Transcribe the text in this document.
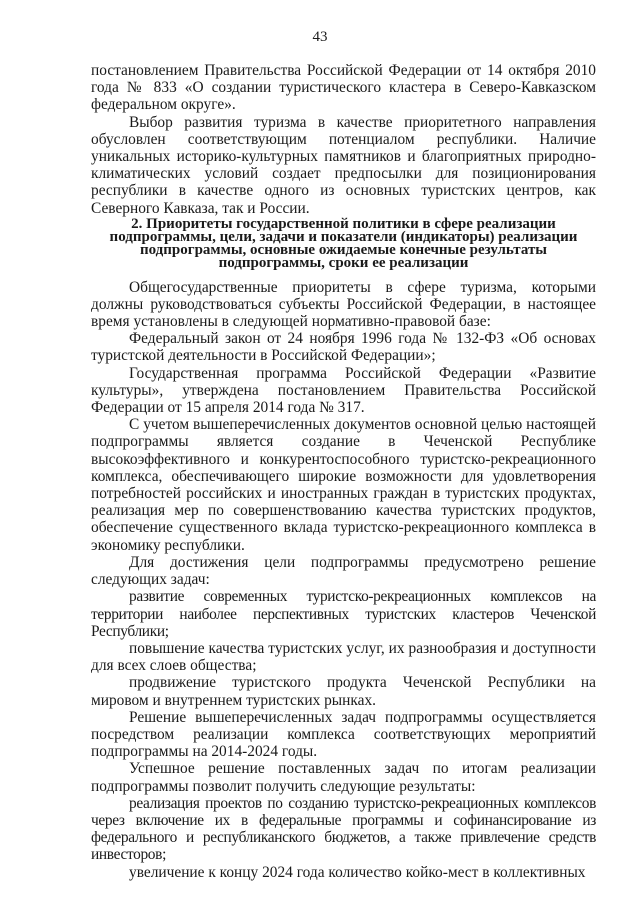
43

постановлением Правительства Российской Федерации от 14 октября 2010 года № 833 «О создании туристического кластера в Северо-Кавказском федеральном округе».

Выбор развития туризма в качестве приоритетного направления обусловлен соответствующим потенциалом республики. Наличие уникальных историко-культурных памятников и благоприятных природно-климатических условий создает предпосылки для позиционирования республики в качестве одного из основных туристских центров, как Северного Кавказа, так и России.

2. Приоритеты государственной политики в сфере реализации
подпрограммы, цели, задачи и показатели (индикаторы) реализации
подпрограммы, основные ожидаемые конечные результаты
подпрограммы, сроки ее реализации

Общегосударственные приоритеты в сфере туризма, которыми должны руководствоваться субъекты Российской Федерации, в настоящее время установлены в следующей нормативно-правовой базе:

Федеральный закон от 24 ноября 1996 года № 132-ФЗ «Об основах туристской деятельности в Российской Федерации»;

Государственная программа Российской Федерации «Развитие культуры», утверждена постановлением Правительства Российской Федерации от 15 апреля 2014 года № 317.

С учетом вышеперечисленных документов основной целью настоящей подпрограммы является создание в Чеченской Республике высокоэффективного и конкурентоспособного туристско-рекреационного комплекса, обеспечивающего широкие возможности для удовлетворения потребностей российских и иностранных граждан в туристских продуктах, реализация мер по совершенствованию качества туристских продуктов, обеспечение существенного вклада туристско-рекреационного комплекса в экономику республики.

Для достижения цели подпрограммы предусмотрено решение следующих задач:

развитие современных туристско-рекреационных комплексов на территории наиболее перспективных туристских кластеров Чеченской Республики;

повышение качества туристских услуг, их разнообразия и доступности для всех слоев общества;

продвижение туристского продукта Чеченской Республики на мировом и внутреннем туристских рынках.

Решение вышеперечисленных задач подпрограммы осуществляется посредством реализации комплекса соответствующих мероприятий подпрограммы на 2014-2024 годы.

Успешное решение поставленных задач по итогам реализации подпрограммы позволит получить следующие результаты:

реализация проектов по созданию туристско-рекреационных комплексов через включение их в федеральные программы и софинансирование из федерального и республиканского бюджетов, а также привлечение средств инвесторов;

увеличение к концу 2024 года количество койко-мест в коллективных
